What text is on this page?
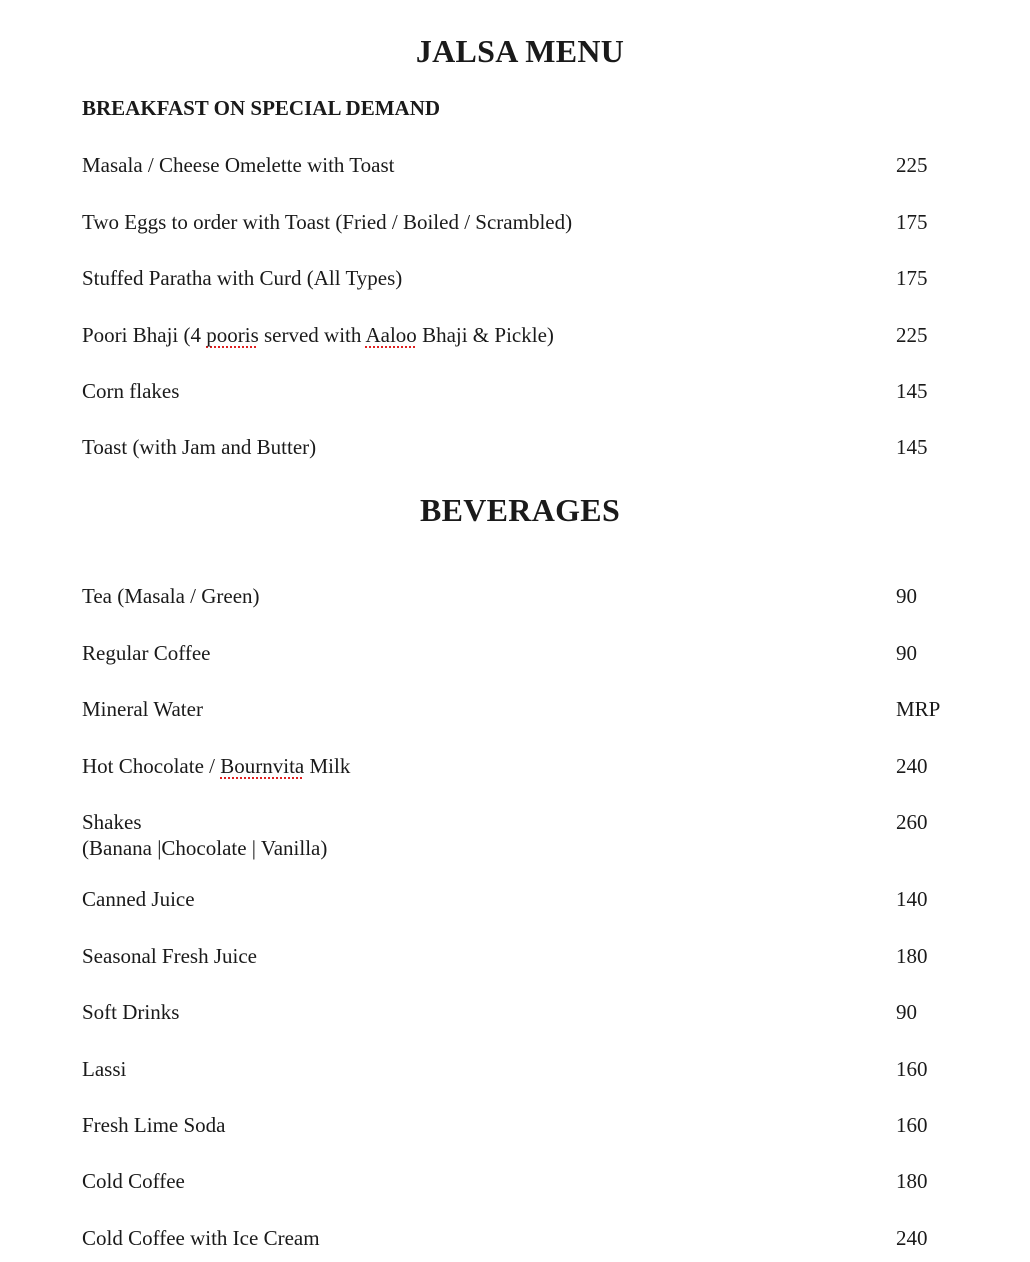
JALSA MENU
BREAKFAST ON SPECIAL DEMAND
Masala / Cheese Omelette with Toast	225
Two Eggs to order with Toast (Fried / Boiled / Scrambled)	175
Stuffed Paratha with Curd (All Types)	175
Poori Bhaji (4 pooris served with Aaloo Bhaji & Pickle)	225
Corn flakes	145
Toast (with Jam and Butter)	145
BEVERAGES
Tea (Masala / Green)	90
Regular Coffee	90
Mineral Water	MRP
Hot Chocolate / Bournvita Milk	240
Shakes	260
(Banana |Chocolate | Vanilla)
Canned Juice	140
Seasonal Fresh Juice	180
Soft Drinks	90
Lassi	160
Fresh Lime Soda	160
Cold Coffee	180
Cold Coffee with Ice Cream	240
